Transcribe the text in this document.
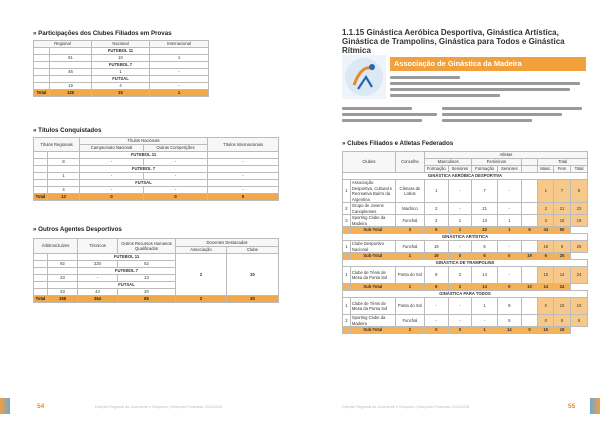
» Participações dos Clubes Filiados em Provas
Regional		Nacional	Internacional
		FUTEBOL 11	
	61	10	1
		FUTEBOL 7	
	46	1	-
		FUTSAL	
	19	4	-
Total	126	15	1
» Títulos Conquistados
Títulos Regionais		Títulos Nacionais		Títulos Internacionais
		Campeonato Nacional	Outras Competições	
		FUTEBOL 11		
	8	-	-	-
		FUTEBOL 7		
	1	-	-	-
		FUTSAL		
	4	-	-	-
Total	13	0	0	0
» Outros Agentes Desportivos
Árbitros/Juízes		Técnicos	Outros Recursos Humanos Qualificados	Docentes Destacados	
				Associação	Clube
		FUTEBOL 11		2	30
	92	220	52		
		FUTEBOL 7			
	33	-	13		
		FUTSAL			
	33	44	20		
Total	158	264	85	2	30
54	Direção Regional da Juventude e Desporto | Desporto Federado 2014/2015
1.1.15 Ginástica Aeróbica Desportiva, Ginástica Artística, Ginástica de Trampolins, Ginástica para Todos e Ginástica Rítmica
Associação de Ginástica da Madeira
» Clubes Filiados e Atletas Federados
Clubes		Concelho	Atletas							
			Masculinos		Femininos			Total		
			Formação	Seniores	Formação	Seniores		Masc.	Fem	Total
GINÁSTICA AERÓBICA DESPORTIVA										
1	Associação Desportiva, Cultural e Recreativa Bairro da Argentina	Câmara de Lobos	1	-	7	-		1	7	8
2	Grupo de Jovens Canoplenses	Machico	2	-	21	-		2	21	23
3	Sporting Clube da Madeira	Funchal	2	1	13	1		3	16	19
	Sub-Total	3	5	1	42	1	6	44	50	
GINÁSTICA ARTÍSTICA										
1	Clube Desportivo Nacional	Funchal	19	-	6	-		19	6	25
	Sub-Total	1	19	0	6	0	19	6	25	
GINÁSTICA DE TRAMPOLINS										
1	Clube de Ténis de Mesa da Ponta Sol	Ponta do Sol	8	2	14	-		10	14	24
	Sub-Total	1	8	2	14	0	10	14	24	
GINÁSTICA PARA TODOS										
1	Clube de Ténis de Mesa da Ponta Sol	Ponta do Sol	-	-	1	9		0	10	10
2	Sporting Clube da Madeira	Funchal	-	-	-	5		0	5	5
	Sub-Total	2	0	0	1	14	0	15	15	
55
Direção Regional da Juventude e Desporto | Desporto Federado 2014/2015
